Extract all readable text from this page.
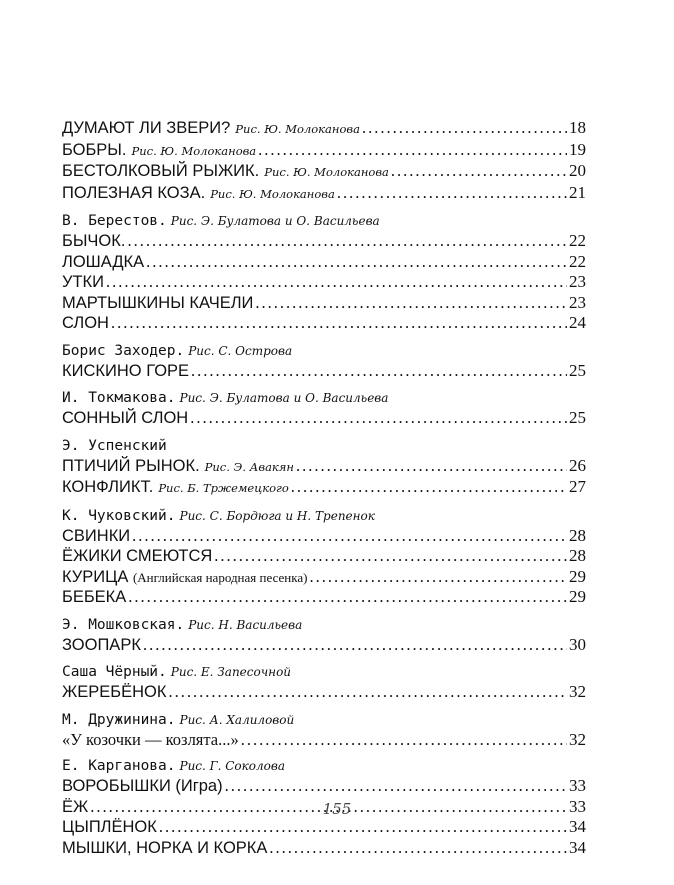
ДУМАЮТ ЛИ ЗВЕРИ? Рис. Ю. Молоканова .....	18
БОБРЫ. Рис. Ю. Молоканова .....	19
БЕСТОЛКОВЫЙ РЫЖИК. Рис. Ю. Молоканова .....	20
ПОЛЕЗНАЯ КОЗА. Рис. Ю. Молоканова .....	21
В. Берестов. Рис. Э. Булатова и О. Васильева
БЫЧОК. .....	22
ЛОШАДКА .....	22
УТКИ .....	23
МАРТЫШКИНЫ КАЧЕЛИ .....	23
СЛОН .....	24
Борис Заходер. Рис. С. Острова
КИСКИНО ГОРЕ .....	25
И. Токмакова. Рис. Э. Булатова и О. Васильева
СОННЫЙ СЛОН .....	25
Э. Успенский
ПТИЧИЙ РЫНОК. Рис. Э. Авакян .....	26
КОНФЛИКТ. Рис. Б. Тржемецкого .....	27
К. Чуковский. Рис. С. Бордюга и Н. Трепенок
СВИНКИ .....	28
ЁЖИКИ СМЕЮТСЯ .....	28
КУРИЦА (Английская народная песенка) .....	29
БЕБЕКА .....	29
Э. Мошковская. Рис. Н. Васильева
ЗООПАРК .....	30
Саша Чёрный. Рис. Е. Запесочной
ЖЕРЕБЁНОК .....	32
М. Дружинина. Рис. А. Халиловой
«У козочки — козлята...» .....	32
Е. Карганова. Рис. Г. Соколова
ВОРОБЫШКИ (Игра) .....	33
ЁЖ .....	33
ЦЫПЛЁНОК .....	34
МЫШКИ, НОРКА И КОРКА .....	34
155
